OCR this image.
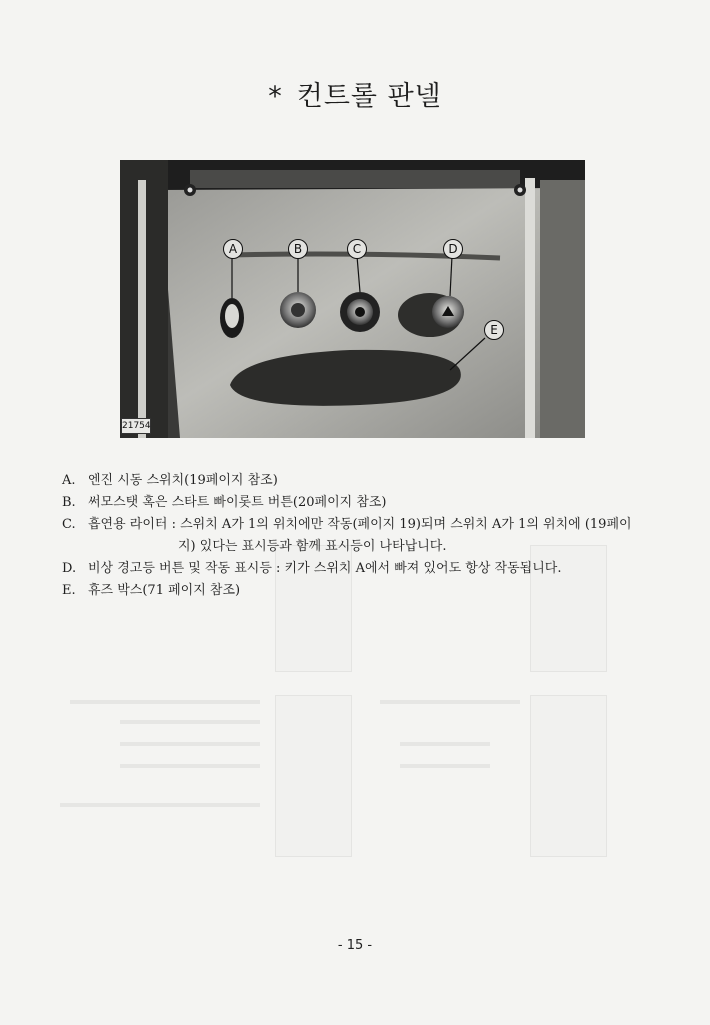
* 컨트롤 판넬
A	B	C	D
E
21754
A. 엔진 시동 스위치(19페이지 참조)
B. 써모스탯 혹은 스타트 빠이롯트 버튼(20페이지 참조)
C. 흡연용 라이터 : 스위치 A가 1의 위치에만 작동(페이지 19)되며 스위치 A가 1의 위치에 (19페이
지) 있다는 표시등과 함께 표시등이 나타납니다.
D. 비상 경고등 버튼 및 작동 표시등 : 키가 스위치 A에서 빠져 있어도 항상 작동됩니다.
E. 휴즈 박스(71 페이지 참조)
- 15 -
